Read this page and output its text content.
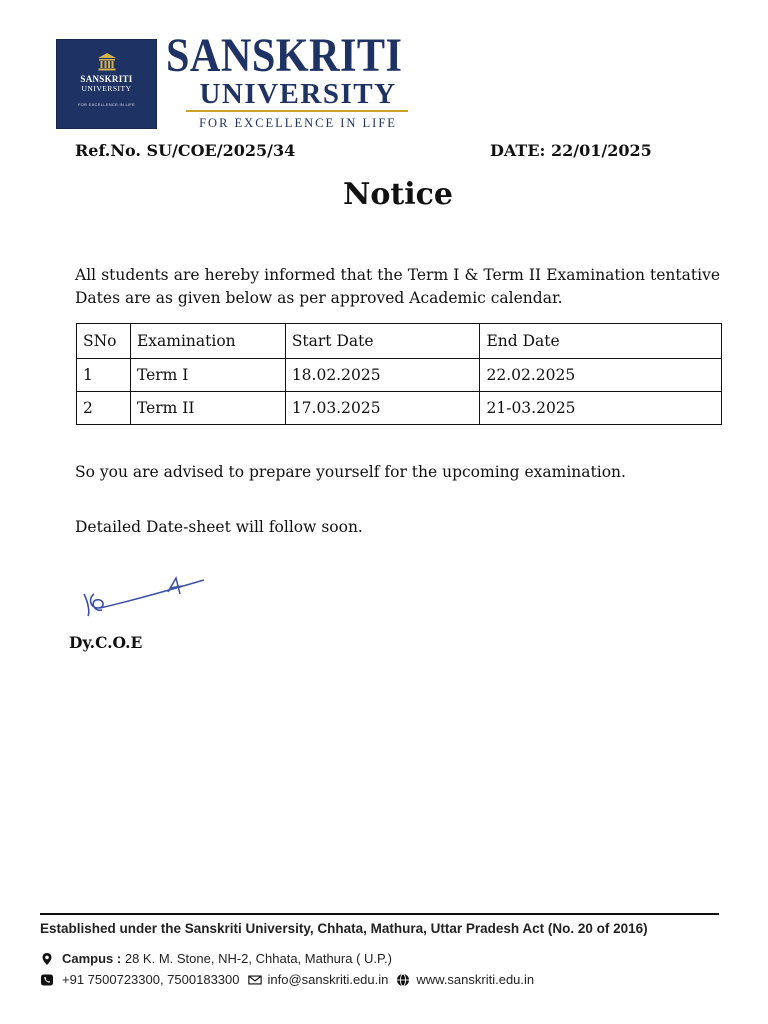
SANSKRITI
UNIVERSITY
FOR EXCELLENCE IN LIFE
SANSKRITI
UNIVERSITY
FOR EXCELLENCE IN LIFE
Ref.No. SU/COE/2025/34	DATE: 22/01/2025
Notice
All students are hereby informed that the Term I & Term II Examination tentative Dates are as given below as per approved Academic calendar.
SNo	Examination	Start Date	End Date
1	Term I	18.02.2025	22.02.2025
2	Term II	17.03.2025	21-03.2025
So you are advised to prepare yourself for the upcoming examination.
Detailed Date-sheet will follow soon.
Dy.C.O.E
Established under the Sanskriti University, Chhata, Mathura, Uttar Pradesh Act (No. 20 of 2016)
Campus :
28 K. M. Stone, NH-2, Chhata, Mathura ( U.P.)
+91 7500723300, 7500183300 info@sanskriti.edu.in www.sanskriti.edu.in
